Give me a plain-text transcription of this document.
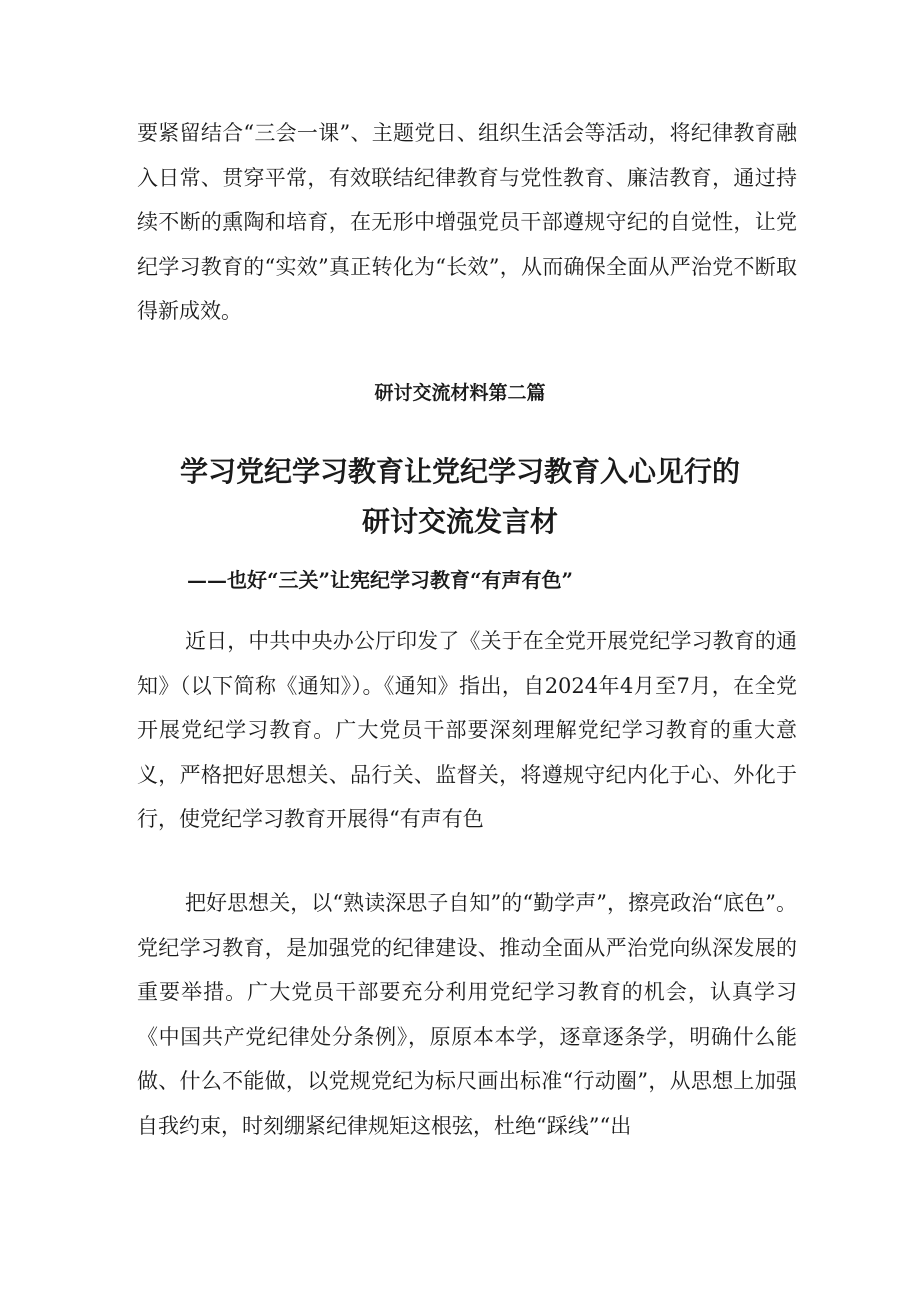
要紧留结合“三会一课”、主题党日、组织生活会等活动，将纪律教育融入日常、贯穿平常，有效联结纪律教育与党性教育、廉洁教育，通过持续不断的熏陶和培育，在无形中增强党员干部遵规守纪的自觉性，让党纪学习教育的“实效”真正转化为“长效”，从而确保全面从严治党不断取得新成效。

研讨交流材料第二篇

学习党纪学习教育让党纪学习教育入心见行的
研讨交流发言材

——也好“三关”让宪纪学习教育“有声有色”

近日，中共中央办公厅印发了《关于在全党开展党纪学习教育的通知》（以下简称《通知》）。《通知》指出，自2024年4月至7月，在全党开展党纪学习教育。广大党员干部要深刻理解党纪学习教育的重大意义，严格把好思想关、品行关、监督关，将遵规守纪内化于心、外化于行，使党纪学习教育开展得“有声有色

把好思想关，以“熟读深思子自知”的“勤学声”，擦亮政治“底色”。党纪学习教育，是加强党的纪律建设、推动全面从严治党向纵深发展的重要举措。广大党员干部要充分利用党纪学习教育的机会，认真学习《中国共产党纪律处分条例》，原原本本学，逐章逐条学，明确什么能做、什么不能做，以党规党纪为标尺画出标准“行动圈”，从思想上加强自我约束，时刻绷紧纪律规矩这根弦，杜绝“踩线”“出
